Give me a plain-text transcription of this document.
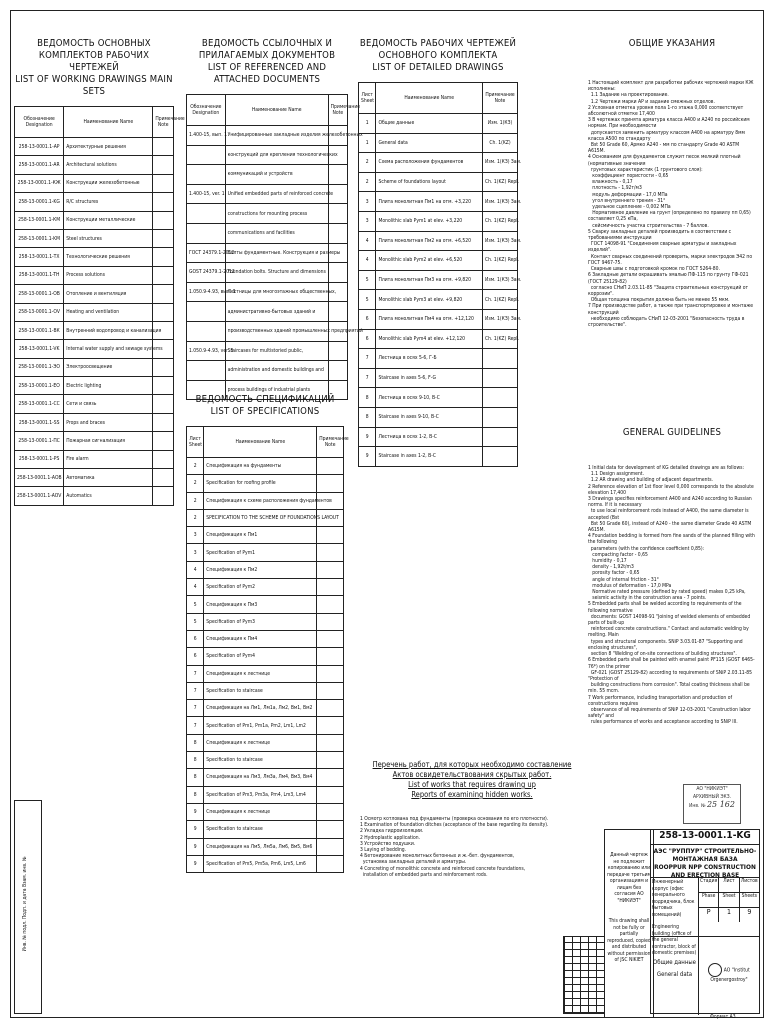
ВЕДОМОСТЬ ОСНОВНЫХ КОМПЛЕКТОВ РАБОЧИХ ЧЕРТЕЖЕЙ
LIST OF WORKING DRAWINGS MAIN SETS
Обозначение Designation	Наименование Name	Примечание Note
258-13-0001.1-АР	Архитектурные решения	
258-13-0001.1-AR	Architectural solutions	
258-13-0001.1-КЖ	Конструкции железобетонные	
258-13-0001.1-KG	R/C structures	
258-13-0001.1-КМ	Конструкции металлические	
258-13-0001.1-KM	Steel structures	
258-13-0001.1-ТХ	Технологические решения	
258-13-0001.1-TH	Process solutions	
258-13-0001.1-ОВ	Отопление и вентиляция	
258-13-0001.1-OV	Heating and ventilation	
258-13-0001.1-ВК	Внутренний водопровод и канализация	
258-13-0001.1-VK	Internal water supply and sewage systems	
258-13-0001.1-ЭО	Электроосвещение	
258-13-0001.1-EO	Electric lighting	
258-13-0001.1-СС	Сети и связь	
258-13-0001.1-SS	Props and braces	
258-13-0001.1-ПС	Пожарная сигнализация	
258-13-0001.1-PS	Fire alarm	
258-13-0001.1-АОВ	Автоматика	
258-13-0001.1-AOV	Automatics	
ВЕДОМОСТЬ ССЫЛОЧНЫХ И ПРИЛАГАЕМЫХ ДОКУМЕНТОВ
LIST OF REFERENCED AND ATTACHED DOCUMENTS
Обозначение Designation	Наименование Name	Примечание Note
1.400-15, вып. 1	Унифицированные закладные изделия железобетонных	
	конструкций для крепления технологических	
	коммуникаций и устройств	
1.400-15, ver. 1	Unified embedded parts of reinforced concrete	
	constructions for mounting process	
	communications and facilities	
ГОСТ 24379.1-2012	Болты фундаментные. Конструкция и размеры	
GOST 24379.1-2012	Foundation bolts. Structure and dimensions	
1.050.9-4.93, вып. 3	Лестницы для многоэтажных общественных,	
	административно-бытовых зданий и	
	производственных зданий промышленных предприятий	
1.050.9-4.93, ver. 3	Staircases for multistoried public,	
	administration and domestic buildings and	
	process buildings of industrial plants	
ВЕДОМОСТЬ СПЕЦИФИКАЦИЙ
LIST OF SPECIFICATIONS
Лист Sheet	Наименование Name	Примечание Note
2	Спецификация на фундаменты	
2	Specification for roofing profile	
2	Спецификация к схеме расположения фундаментов	
2	SPECIFICATION TO THE SCHEME OF FOUNDATIONS LAYOUT	
3	Спецификация к Пм1	
3	Specification of Pym1	
4	Спецификация к Пм2	
4	Specification of Pym2	
5	Спецификация к Пм3	
5	Specification of Pym3	
6	Спецификация к Пм4	
6	Specification of Pym4	
7	Спецификация к лестнице	
7	Specification to staircase	
7	Спецификация на Лм1, Лм1а, Лм2, Вм1, Вм2	
7	Specification of Pm1, Pm1a, Pm2, Lm1, Lm2	
8	Спецификация к лестнице	
8	Specification to staircase	
8	Спецификация на Лм3, Лм3а, Лм4, Вм3, Вм4	
8	Specification of Pm3, Pm3a, Pm4, Lm3, Lm4	
9	Спецификация к лестнице	
9	Specification to staircase	
9	Спецификация на Лм5, Лм5а, Лм6, Вм5, Вм6	
9	Specification of Pm5, Pm5a, Pm6, Lm5, Lm6	
ВЕДОМОСТЬ РАБОЧИХ ЧЕРТЕЖЕЙ ОСНОВНОГО КОМПЛЕКТА
LIST OF DETAILED DRAWINGS
Лист Sheet	Наименование Name	Примечание Note
1	Общие данные	Изм. 1(КЗ)
1	General data	Ch. 1(KZ)
2	Схема расположения фундаментов	Изм. 1(КЗ) Зам.
2	Scheme of foundations layout	Ch. 1(KZ) Repl.
3	Плита монолитная Пм1 на отм. +3,220	Изм. 1(КЗ) Зам.
3	Monolithic slab Pym1 at elev. +3,220	Ch. 1(KZ) Repl.
4	Плита монолитная Пм2 на отм. +6,520	Изм. 1(КЗ) Зам.
4	Monolithic slab Pym2 at elev. +6,520	Ch. 1(KZ) Repl.
5	Плита монолитная Пм3 на отм. +9,820	Изм. 1(КЗ) Зам.
5	Monolithic slab Pym3 at elev. +9,820	Ch. 1(KZ) Repl.
6	Плита монолитная Пм4 на отм. +12,120	Изм. 1(КЗ) Зам.
6	Monolithic slab Pym4 at elev. +12,120	Ch. 1(KZ) Repl.
7	Лестница в осях 5-6, Г-Б	
7	Staircase in axes 5-6, F-G	
8	Лестница в осях 9-10, В-С	
8	Staircase in axes 9-10, B-C	
9	Лестница в осях 1-2, В-С	
9	Staircase in axes 1-2, B-C	
ОБЩИЕ УКАЗАНИЯ
1 Настоящий комплект для разработки рабочих чертежей марки КЖ исполнены:
1.1 Задание на проектирование.
1.2 Чертежи марки АР и задание смежных отделов.
2 Условная отметка уровня пола 1-го этажа 0,000 соответствует абсолютной отметке 17,400
3 В чертежах принята арматура класса А400 и А240 по российским нормам. При необходимости
допускается заменить арматуру классом А400 на арматуру 8мм класса А500 по стандарту
Bst 50 Grade 60, Армко А240 - мм по стандарту Grade 40 ASTM A615M.
4 Основанием для фундаментов служит песок мелкий плотный (нормативные значения
грунтовых характеристик (1 грунтового слоя):
коэффициент пористости - 0,65
влажность - 0,17
плотность - 1,92т/м3
модуль деформации - 17,0 МПа
угол внутреннего трения - 31°
удельное сцепление - 0,002 МПа
Нормативное давление на грунт (определено по правилу пп 0,65) составляет 0,25 кПа,
сейсмичность участка строительства - 7 баллов.
5 Сварку закладных деталей производить в соответствии с требованиями инструкции
ГОСТ 14098-91 "Соединения сварные арматуры и закладных изделий".
Контакт сварных соединений проверить, марки электродов Э42 по ГОСТ 9467-75.
Сварные швы с подготовкой кромок по ГОСТ 5264-80.
6 Закладные детали окрашивать эмалью ПФ-115 по грунту ГФ-021 (ГОСТ 25129-82)
согласно СНиП 2.03.11-85 "Защита строительных конструкций от коррозии".
Общая толщина покрытия должна быть не менее 55 мкм.
7 При производстве работ, а также при транспортировке и монтаже конструкций
необходимо соблюдать СНиП 12-03-2001 "Безопасность труда в строительстве".
GENERAL GUIDELINES
1 Initial data for development of KG detailed drawings are as follows:
1.1 Design assignment.
1.2 AR drawing and building of adjacent departments.
2 Reference elevation of 1st floor level 0,000 corresponds to the absolute elevation 17,400
3 Drawings specifies reinforcement A400 and A240 according to Russian norms. If it is necessary
to use local reinforcement rods instead of A400, the same diameter is accepted (Bst
Bst 50 Grade 60), instead of A240 - the same diameter Grade 40 ASTM A615M.
4 Foundation bedding is formed from fine sands of the planned filling with the following
parameters (with the confidence coefficient 0,85):
compacting factor - 0,65
humidity - 0,17
density - 1,92t/m3
porosity factor - 0,65
angle of internal friction - 31°
modulus of deformation - 17,0 MPa
Normative rated pressure (defined by rated speed) makes 0,25 kPa,
seismic activity in the construction area - 7 points.
5 Embedded parts shall be welded according to requirements of the following normative
documents: GOST 14098-91 "Joining of welded elements of embedded parts of built-up
reinforced concrete constructions." Contact and automatic welding by melting. Main
types and structural components. SNiP 3.03.01-87 "Supporting and enclosing structures",
section 8 "Welding of on-site connections of building structures".
6 Embedded parts shall be painted with enamel paint PF115 (GOST 6465-76*) on the primer
GF-021 (GOST 25129-82) according to requirements of SNiP 2.03.11-85 "Protection of
building constructions from corrosion". Total coating thickness shall be min. 55 mcm.
7 Work performance, including transportation and production of constructions requires
observance of all requirements of SNiP 12-03-2001 "Construction labor safety" and
rules performance of works and acceptance according to SNiP III.
Перечень работ, для которых необходимо составление
Актов освидетельствования скрытых работ.
List of works that requires drawing up
Reports of examining hidden works.
1 Осмотр котлована под фундаменты (проверка основания по его плотности).
1 Examination of foundation ditches (acceptance of the base regarding its density).
2 Укладка гидроизоляции.
2 Hydroplastic application.
3 Устройство подушки.
3 Laying of bedding.
4 Бетонирование монолитных бетонных и ж.-бет. фундаментов,
установка закладных деталей и арматуры.
4 Concreting of monolithic concrete and reinforced concrete foundations,
installation of embedded parts and reinforcement rods.
АО "НИКИЭТ"
АРХИВНЫЙ ЭКЗ.
Инв. № 25 162
Инв. № подл. Подп. и дата Взам. инв. №
Данный чертеж не подлежит копированию или передаче третьим организациям и лицам без согласия АО "НИКИЭТ"
This drawing shall not be fully or partially reproduced, copied and distributed without permission of JSC NIKIET
258-13-0001.1-KG
АЭС "РУППУР" СТРОИТЕЛЬНО-МОНТАЖНАЯ БАЗА
ROOPPUR NPP CONSTRUCTION AND ERECTION BASE
Инженерный корпус (офис генерального подрядчика, блок бытовых помещений)
Engineering building (office of the general contractor, block of domestic premises)
Стадия	Лист	Листов
Phase	Sheet	Sheets
Р	1	9
Общие данные
General data
АО "Institut Orgenergostroy"
Формат А3
